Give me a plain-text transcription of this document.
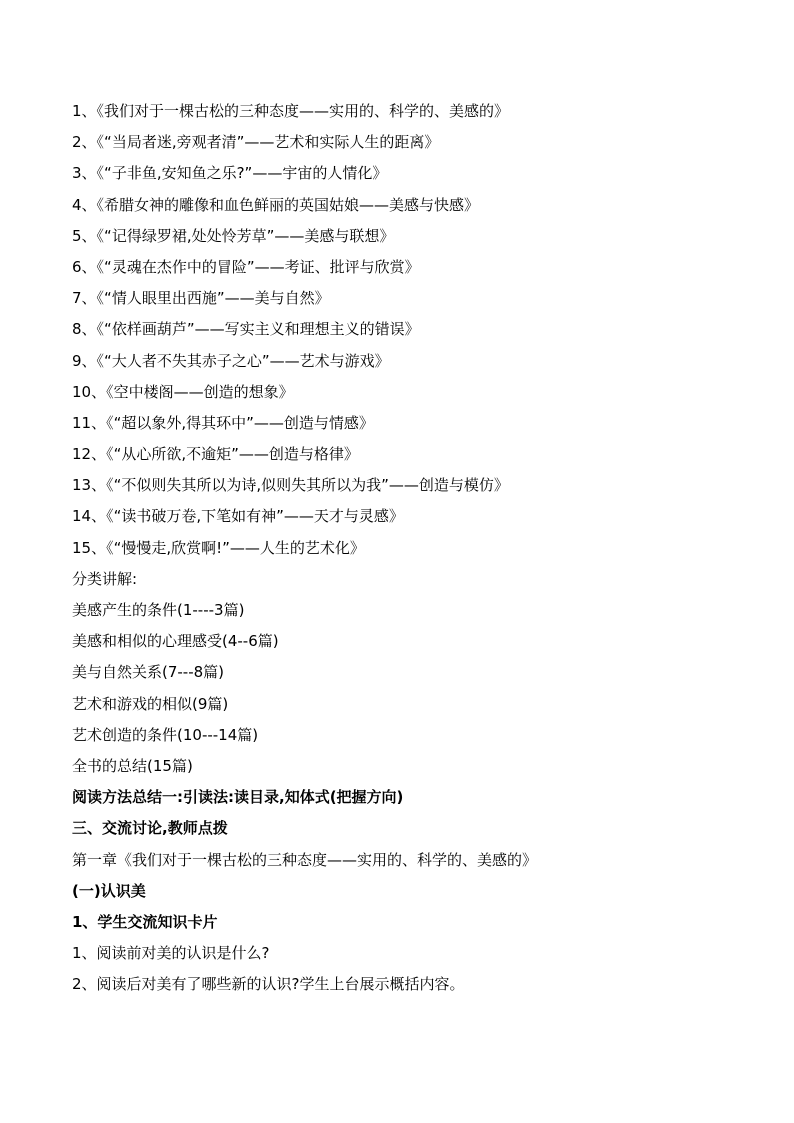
1、《我们对于一棵古松的三种态度——实用的、科学的、美感的》
2、《“当局者迷,旁观者清”——艺术和实际人生的距离》
3、《“子非鱼,安知鱼之乐?”——宇宙的人情化》
4、《希腊女神的雕像和血色鲜丽的英国姑娘——美感与快感》
5、《“记得绿罗裙,处处怜芳草”——美感与联想》
6、《“灵魂在杰作中的冒险”——考证、批评与欣赏》
7、《“情人眼里出西施”——美与自然》
8、《“依样画葫芦”——写实主义和理想主义的错误》
9、《“大人者不失其赤子之心”——艺术与游戏》
10、《空中楼阁——创造的想象》
11、《“超以象外,得其环中”——创造与情感》
12、《“从心所欲,不逾矩”——创造与格律》
13、《“不似则失其所以为诗,似则失其所以为我”——创造与模仿》
14、《“读书破万卷,下笔如有神”——天才与灵感》
15、《“慢慢走,欣赏啊!”——人生的艺术化》
分类讲解:
美感产生的条件(1----3篇)
美感和相似的心理感受(4--6篇)
美与自然关系(7---8篇)
艺术和游戏的相似(9篇)
艺术创造的条件(10---14篇)
全书的总结(15篇)
阅读方法总结一:引读法:读目录,知体式(把握方向)
三、交流讨论,教师点拨
第一章《我们对于一棵古松的三种态度——实用的、科学的、美感的》
(一)认识美
1、学生交流知识卡片
1、阅读前对美的认识是什么?
2、阅读后对美有了哪些新的认识?学生上台展示概括内容。
